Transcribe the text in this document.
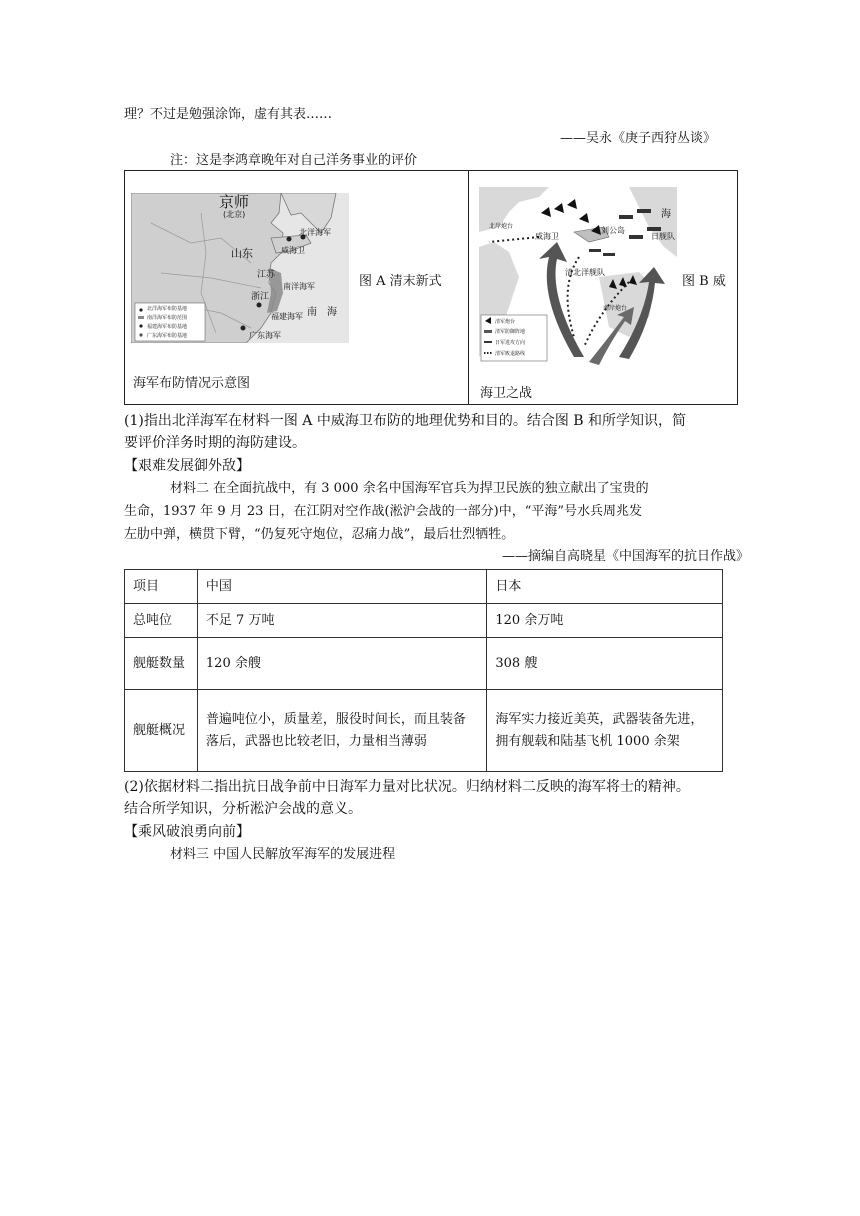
理？不过是勉强涂饰，虚有其表……
——吴永《庚子西狩丛谈》
注：这是李鸿章晚年对自己洋务事业的评价
京师
(北京)
山东
北洋海军
威海卫
南洋海军
福建海军
广东海军
江苏
浙江
南 海
北洋海军布防基地
南洋海军布防范围
福建海军布防基地
广东海军布防基地
图 A 清末新式
海军布防情况示意图
北岸炮台
威海卫
刘公岛
日舰队
清北洋舰队
南岸炮台
海
清军炮台
清军防御阵地
日军进攻方向
清军败退路线
图 B 威
海卫之战
(1)指出北洋海军在材料一图 A 中威海卫布防的地理优势和目的。结合图 B 和所学知识，简
要评价洋务时期的海防建设。
【艰难发展御外敌】
材料二 在全面抗战中，有 3 000 余名中国海军官兵为捍卫民族的独立献出了宝贵的
生命，1937 年 9 月 23 日，在江阴对空作战(淞沪会战的一部分)中，“平海”号水兵周兆发
左肋中弹，横贯下臂，“仍复死守炮位，忍痛力战”，最后壮烈牺牲。
——摘编自高晓星《中国海军的抗日作战》
项目	中国	日本
总吨位	不足 7 万吨	120 余万吨
舰艇数量	120 余艘	308 艘
舰艇概况	普遍吨位小，质量差，服役时间长，而且装备落后，武器也比较老旧，力量相当薄弱	海军实力接近美英，武器装备先进，拥有舰载和陆基飞机 1000 余架
(2)依据材料二指出抗日战争前中日海军力量对比状况。归纳材料二反映的海军将士的精神。
结合所学知识，分析淞沪会战的意义。
【乘风破浪勇向前】
材料三 中国人民解放军海军的发展进程
